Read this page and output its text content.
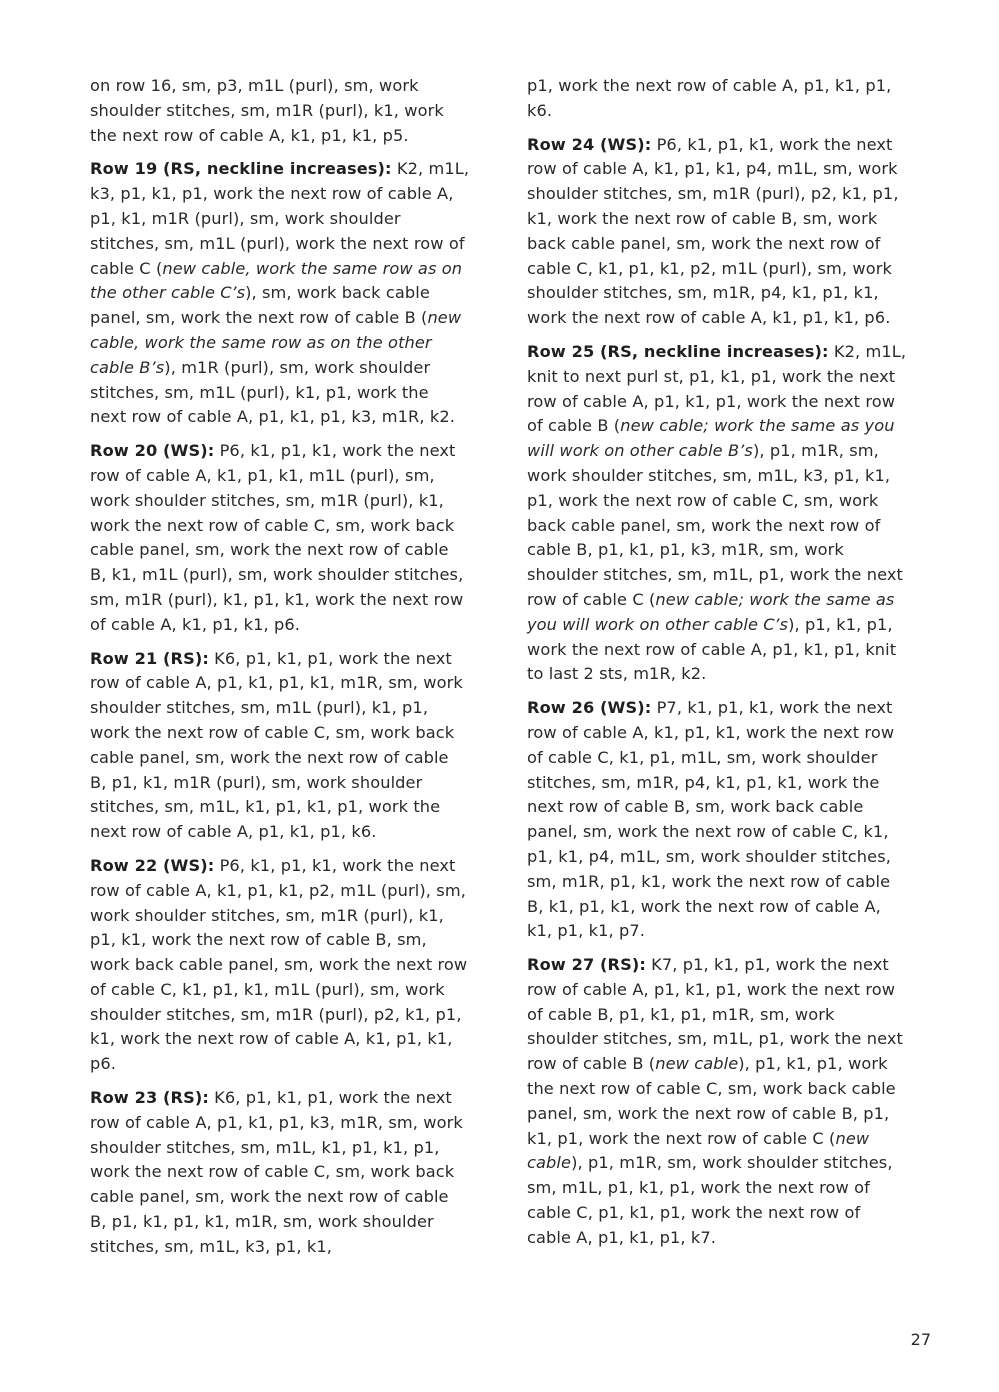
on row 16, sm, p3, m1L (purl), sm, work shoulder stitches, sm, m1R (purl), k1, work the next row of cable A, k1, p1, k1, p5.

Row 19 (RS, neckline increases): K2, m1L, k3, p1, k1, p1, work the next row of cable A, p1, k1, m1R (purl), sm, work shoulder stitches, sm, m1L (purl), work the next row of cable C (new cable, work the same row as on the other cable C’s), sm, work back cable panel, sm, work the next row of cable B (new cable, work the same row as on the other cable B’s), m1R (purl), sm, work shoulder stitches, sm, m1L (purl), k1, p1, work the next row of cable A, p1, k1, p1, k3, m1R, k2.

Row 20 (WS): P6, k1, p1, k1, work the next row of cable A, k1, p1, k1, m1L (purl), sm, work shoulder stitches, sm, m1R (purl), k1, work the next row of cable C, sm, work back cable panel, sm, work the next row of cable B, k1, m1L (purl), sm, work shoulder stitches, sm, m1R (purl), k1, p1, k1, work the next row of cable A, k1, p1, k1, p6.

Row 21 (RS): K6, p1, k1, p1, work the next row of cable A, p1, k1, p1, k1, m1R, sm, work shoulder stitches, sm, m1L (purl), k1, p1, work the next row of cable C, sm, work back cable panel, sm, work the next row of cable B, p1, k1, m1R (purl), sm, work shoulder stitches, sm, m1L, k1, p1, k1, p1, work the next row of cable A, p1, k1, p1, k6.

Row 22 (WS): P6, k1, p1, k1, work the next row of cable A, k1, p1, k1, p2, m1L (purl), sm, work shoulder stitches, sm, m1R (purl), k1, p1, k1, work the next row of cable B, sm, work back cable panel, sm, work the next row of cable C, k1, p1, k1, m1L (purl), sm, work shoulder stitches, sm, m1R (purl), p2, k1, p1, k1, work the next row of cable A, k1, p1, k1, p6.

Row 23 (RS): K6, p1, k1, p1, work the next row of cable A, p1, k1, p1, k3, m1R, sm, work shoulder stitches, sm, m1L, k1, p1, k1, p1, work the next row of cable C, sm, work back cable panel, sm, work the next row of cable B, p1, k1, p1, k1, m1R, sm, work shoulder stitches, sm, m1L, k3, p1, k1,

p1, work the next row of cable A, p1, k1, p1, k6.

Row 24 (WS): P6, k1, p1, k1, work the next row of cable A, k1, p1, k1, p4, m1L, sm, work shoulder stitches, sm, m1R (purl), p2, k1, p1, k1, work the next row of cable B, sm, work back cable panel, sm, work the next row of cable C, k1, p1, k1, p2, m1L (purl), sm, work shoulder stitches, sm, m1R, p4, k1, p1, k1, work the next row of cable A, k1, p1, k1, p6.

Row 25 (RS, neckline increases): K2, m1L, knit to next purl st, p1, k1, p1, work the next row of cable A, p1, k1, p1, work the next row of cable B (new cable; work the same as you will work on other cable B’s), p1, m1R, sm, work shoulder stitches, sm, m1L, k3, p1, k1, p1, work the next row of cable C, sm, work back cable panel, sm, work the next row of cable B, p1, k1, p1, k3, m1R, sm, work shoulder stitches, sm, m1L, p1, work the next row of cable C (new cable; work the same as you will work on other cable C’s), p1, k1, p1, work the next row of cable A, p1, k1, p1, knit to last 2 sts, m1R, k2.

Row 26 (WS): P7, k1, p1, k1, work the next row of cable A, k1, p1, k1, work the next row of cable C, k1, p1, m1L, sm, work shoulder stitches, sm, m1R, p4, k1, p1, k1, work the next row of cable B, sm, work back cable panel, sm, work the next row of cable C, k1, p1, k1, p4, m1L, sm, work shoulder stitches, sm, m1R, p1, k1, work the next row of cable B, k1, p1, k1, work the next row of cable A, k1, p1, k1, p7.

Row 27 (RS): K7, p1, k1, p1, work the next row of cable A, p1, k1, p1, work the next row of cable B, p1, k1, p1, m1R, sm, work shoulder stitches, sm, m1L, p1, work the next row of cable B (new cable), p1, k1, p1, work the next row of cable C, sm, work back cable panel, sm, work the next row of cable B, p1, k1, p1, work the next row of cable C (new cable), p1, m1R, sm, work shoulder stitches, sm, m1L, p1, k1, p1, work the next row of cable C, p1, k1, p1, work the next row of cable A, p1, k1, p1, k7.

27
